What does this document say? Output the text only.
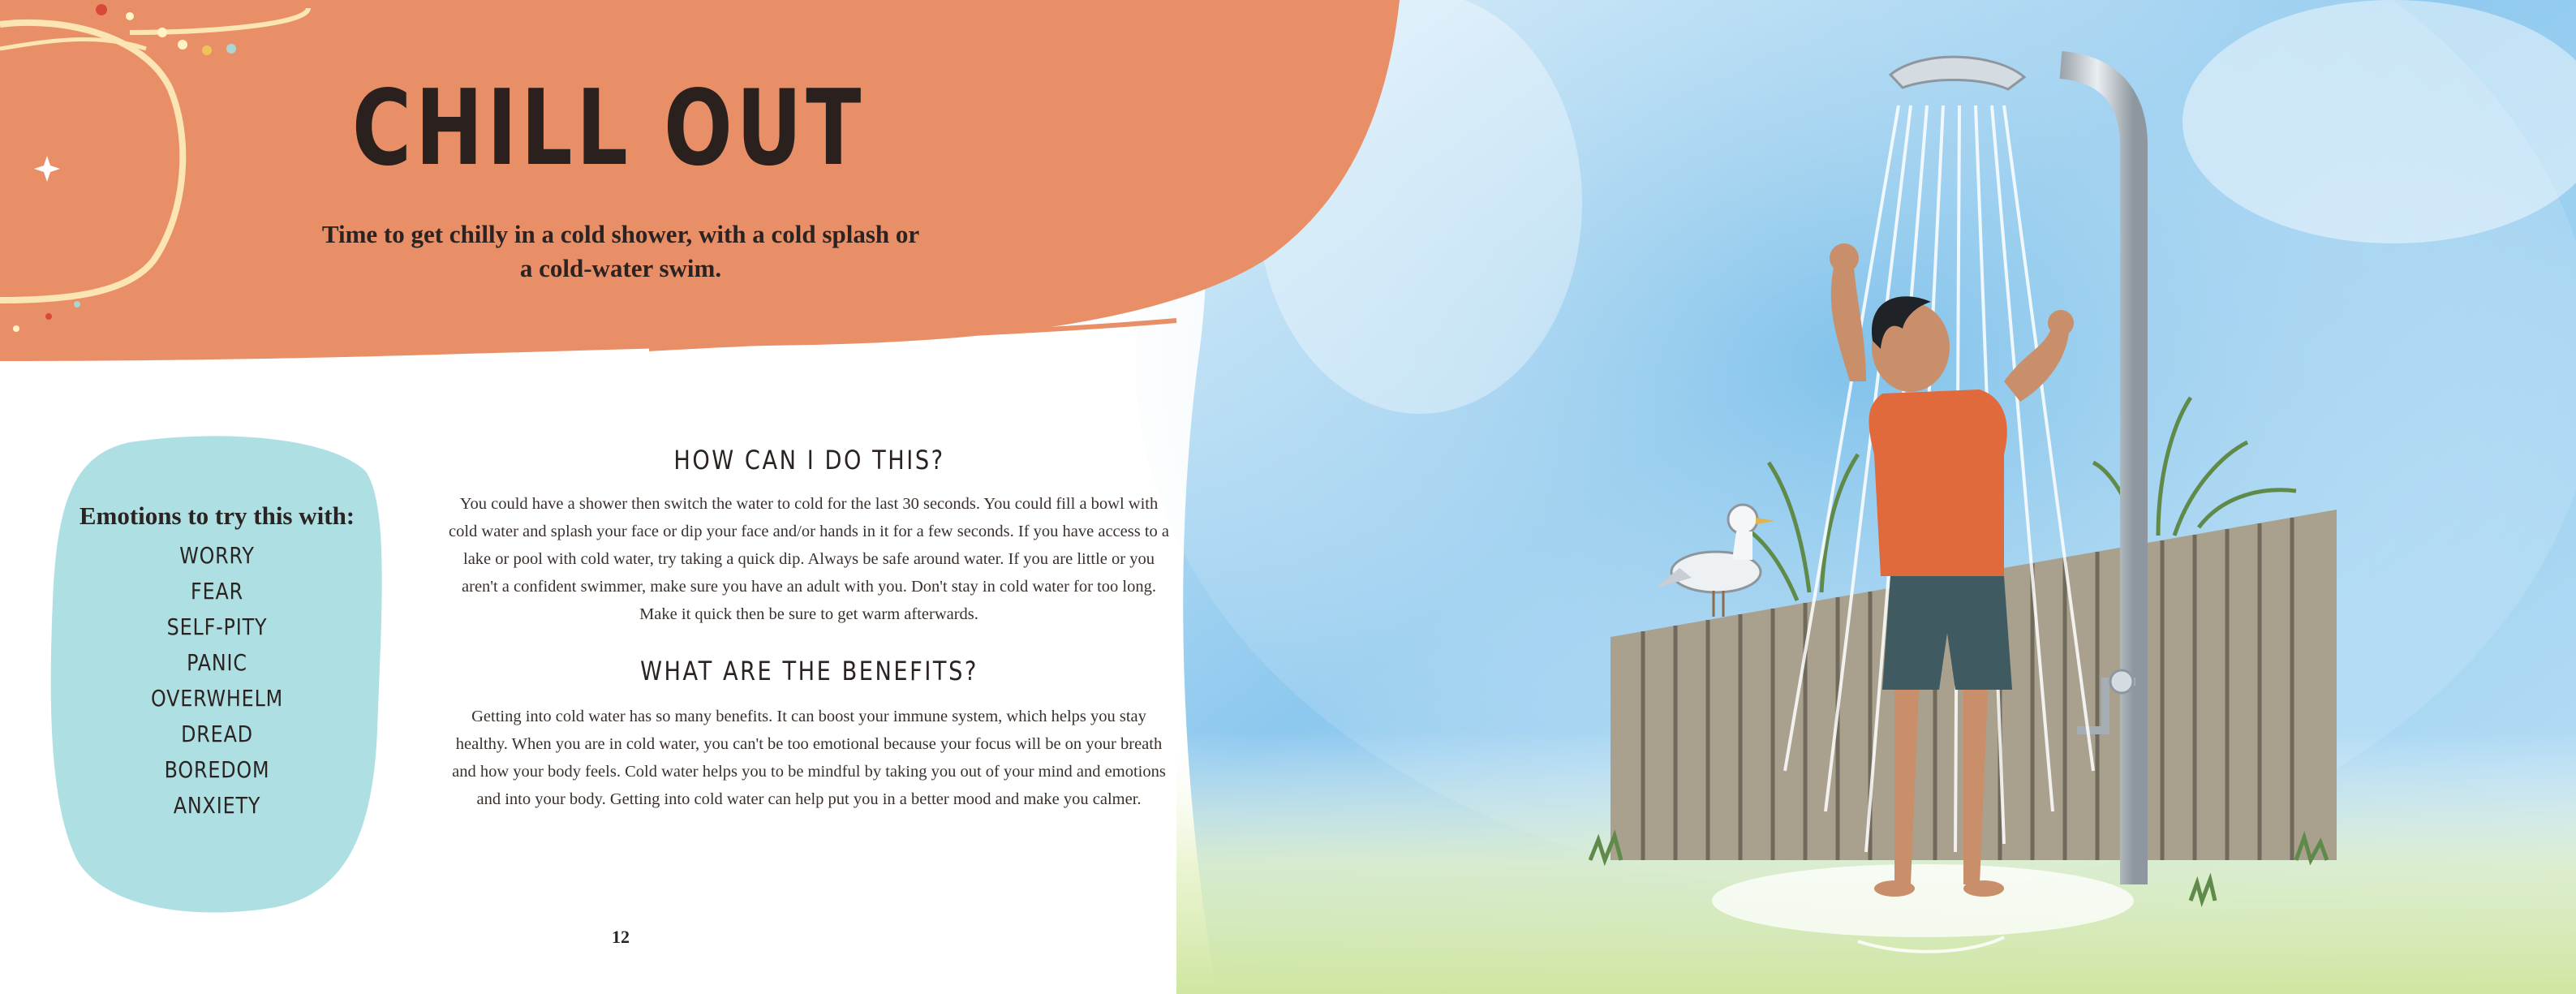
CHILL OUT
Time to get chilly in a cold shower, with a cold splash or a cold-water swim.
Emotions to try this with:
WORRY
FEAR
SELF-PITY
PANIC
OVERWHELM
DREAD
BOREDOM
ANXIETY
HOW CAN I DO THIS?
You could have a shower then switch the water to cold for the last 30 seconds. You could fill a bowl with cold water and splash your face or dip your face and/or hands in it for a few seconds. If you have access to a lake or pool with cold water, try taking a quick dip. Always be safe around water. If you are little or you aren't a confident swimmer, make sure you have an adult with you. Don't stay in cold water for too long. Make it quick then be sure to get warm afterwards.
WHAT ARE THE BENEFITS?
Getting into cold water has so many benefits. It can boost your immune system, which helps you stay healthy. When you are in cold water, you can't be too emotional because your focus will be on your breath and how your body feels. Cold water helps you to be mindful by taking you out of your mind and emotions and into your body. Getting into cold water can help put you in a better mood and make you calmer.
12
